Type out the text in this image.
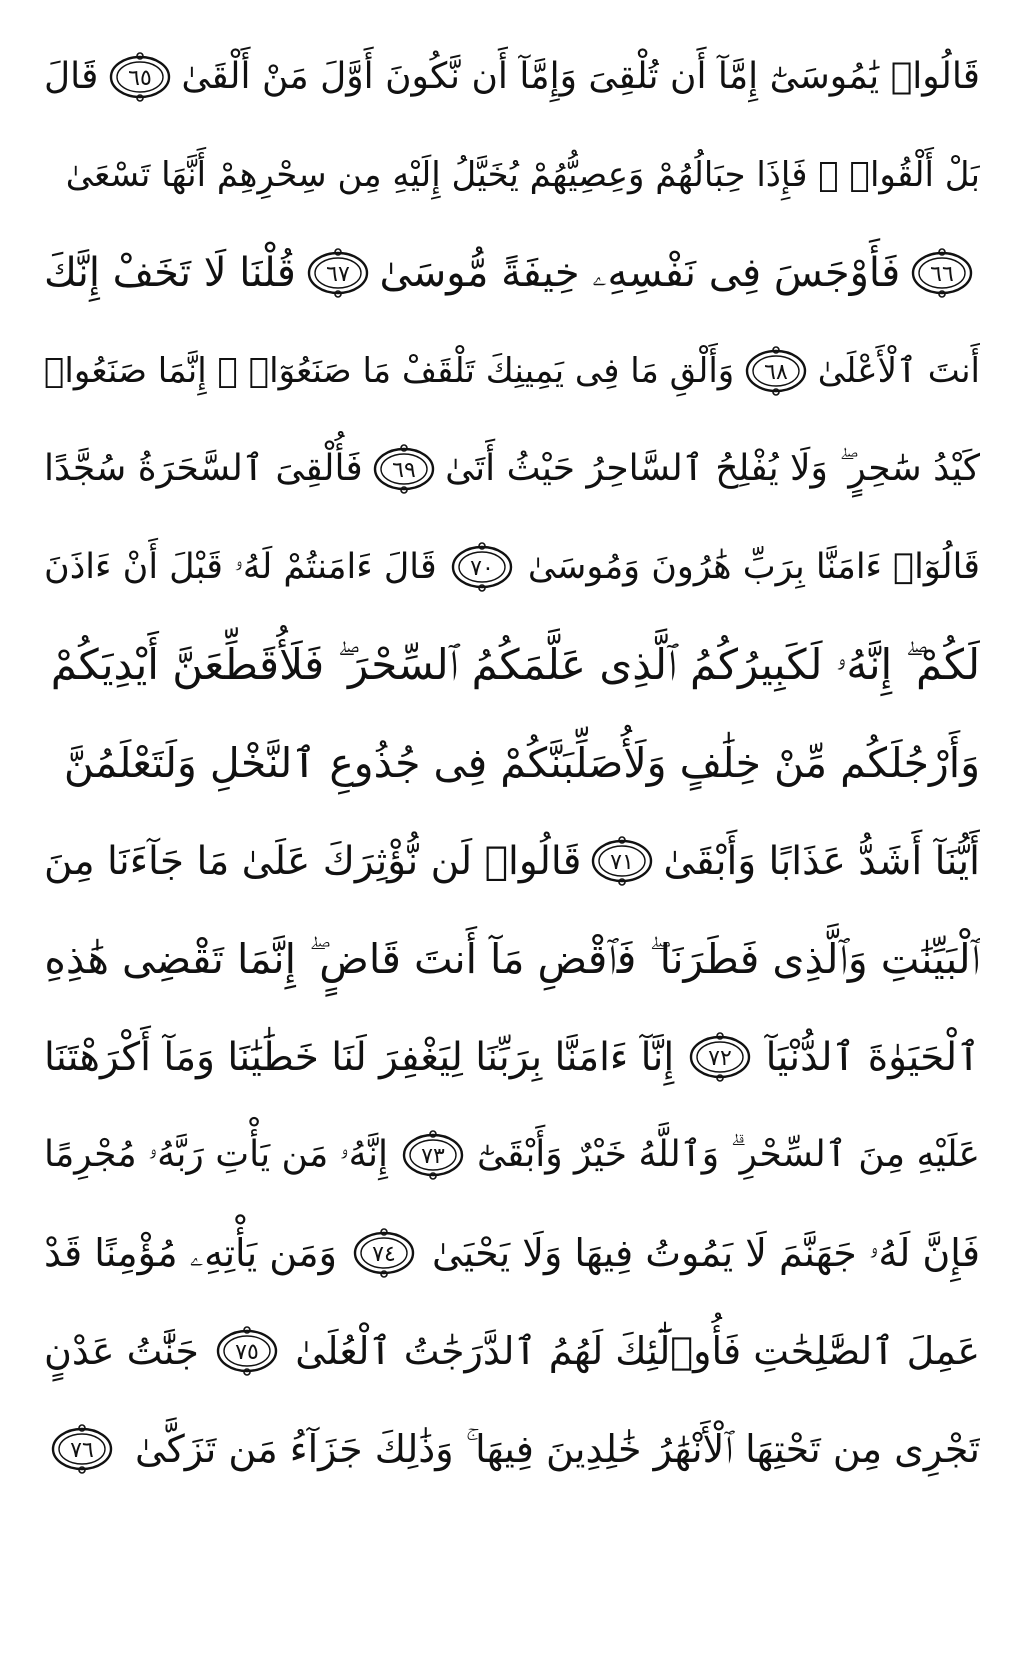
قَالُوا۟ يَٰمُوسَىٰٓ إِمَّآ أَن تُلْقِىَ وَإِمَّآ أَن نَّكُونَ أَوَّلَ مَنْ أَلْقَىٰ
٦٥
قَالَ
بَلْ أَلْقُوا۟ ۖ فَإِذَا حِبَالُهُمْ وَعِصِيُّهُمْ يُخَيَّلُ إِلَيْهِ مِن سِحْرِهِمْ أَنَّهَا تَسْعَىٰ
٦٦
فَأَوْجَسَ فِى نَفْسِهِۦ خِيفَةً مُّوسَىٰ
٦٧
قُلْنَا لَا تَخَفْ إِنَّكَ
أَنتَ ٱلْأَعْلَىٰ
٦٨
وَأَلْقِ مَا فِى يَمِينِكَ تَلْقَفْ مَا صَنَعُوٓا۟ ۖ إِنَّمَا صَنَعُوا۟
كَيْدُ سَٰحِرٍ ۖ وَلَا يُفْلِحُ ٱلسَّاحِرُ حَيْثُ أَتَىٰ
٦٩
فَأُلْقِىَ ٱلسَّحَرَةُ سُجَّدًا
قَالُوٓا۟ ءَامَنَّا بِرَبِّ هَٰرُونَ وَمُوسَىٰ
٧٠
قَالَ ءَامَنتُمْ لَهُۥ قَبْلَ أَنْ ءَاذَنَ
لَكُمْ ۖ إِنَّهُۥ لَكَبِيرُكُمُ ٱلَّذِى عَلَّمَكُمُ ٱلسِّحْرَ ۖ فَلَأُقَطِّعَنَّ أَيْدِيَكُمْ
وَأَرْجُلَكُم مِّنْ خِلَٰفٍ وَلَأُصَلِّبَنَّكُمْ فِى جُذُوعِ ٱلنَّخْلِ وَلَتَعْلَمُنَّ
أَيُّنَآ أَشَدُّ عَذَابًا وَأَبْقَىٰ
٧١
قَالُوا۟ لَن نُّؤْثِرَكَ عَلَىٰ مَا جَآءَنَا مِنَ
ٱلْبَيِّنَٰتِ وَٱلَّذِى فَطَرَنَا ۖ فَٱقْضِ مَآ أَنتَ قَاضٍ ۖ إِنَّمَا تَقْضِى هَٰذِهِ
ٱلْحَيَوٰةَ ٱلدُّنْيَآ
٧٢
إِنَّآ ءَامَنَّا بِرَبِّنَا لِيَغْفِرَ لَنَا خَطَٰيَٰنَا وَمَآ أَكْرَهْتَنَا
عَلَيْهِ مِنَ ٱلسِّحْرِ ۗ وَٱللَّهُ خَيْرٌ وَأَبْقَىٰٓ
٧٣
إِنَّهُۥ مَن يَأْتِ رَبَّهُۥ مُجْرِمًا
فَإِنَّ لَهُۥ جَهَنَّمَ لَا يَمُوتُ فِيهَا وَلَا يَحْيَىٰ
٧٤
وَمَن يَأْتِهِۦ مُؤْمِنًا قَدْ
عَمِلَ ٱلصَّٰلِحَٰتِ فَأُو۟لَٰٓئِكَ لَهُمُ ٱلدَّرَجَٰتُ ٱلْعُلَىٰ
٧٥
جَنَّٰتُ عَدْنٍ
تَجْرِى مِن تَحْتِهَا ٱلْأَنْهَٰرُ خَٰلِدِينَ فِيهَا ۚ وَذَٰلِكَ جَزَآءُ مَن تَزَكَّىٰ
٧٦
